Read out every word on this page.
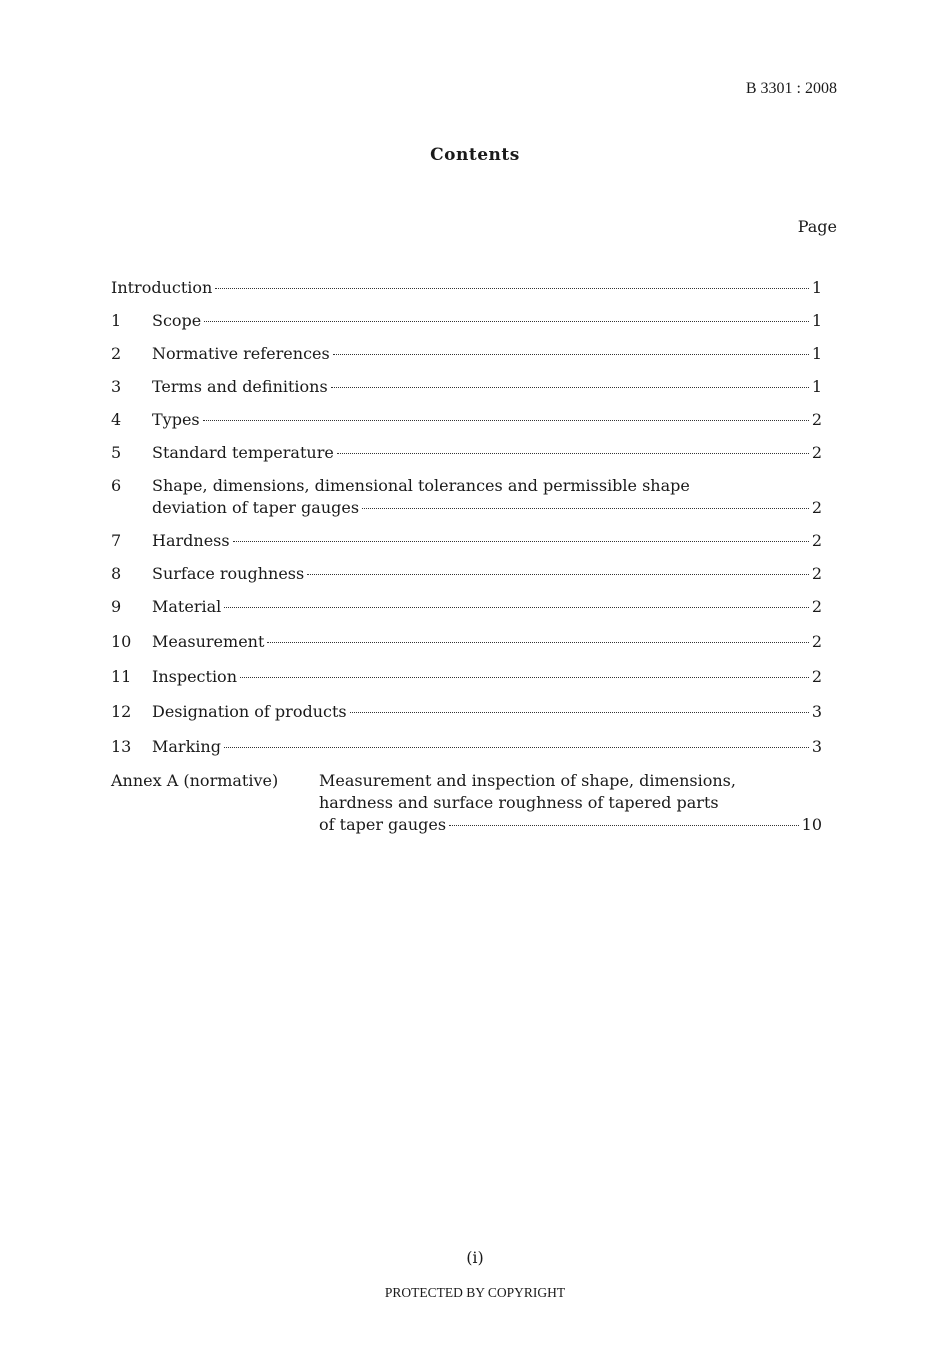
B 3301 : 2008
Contents
Page
Introduction	1
1 Scope	1
2 Normative references	1
3 Terms and definitions	1
4 Types	2
5 Standard temperature	2
6 Shape, dimensions, dimensional tolerances and permissible shape
deviation of taper gauges	2
7 Hardness	2
8 Surface roughness	2
9 Material	2
10 Measurement	2
11 Inspection	2
12 Designation of products	3
13 Marking	3
Annex A (normative)	Measurement and inspection of shape, dimensions,
hardness and surface roughness of tapered parts
of taper gauges	10
(i)
PROTECTED BY COPYRIGHT
